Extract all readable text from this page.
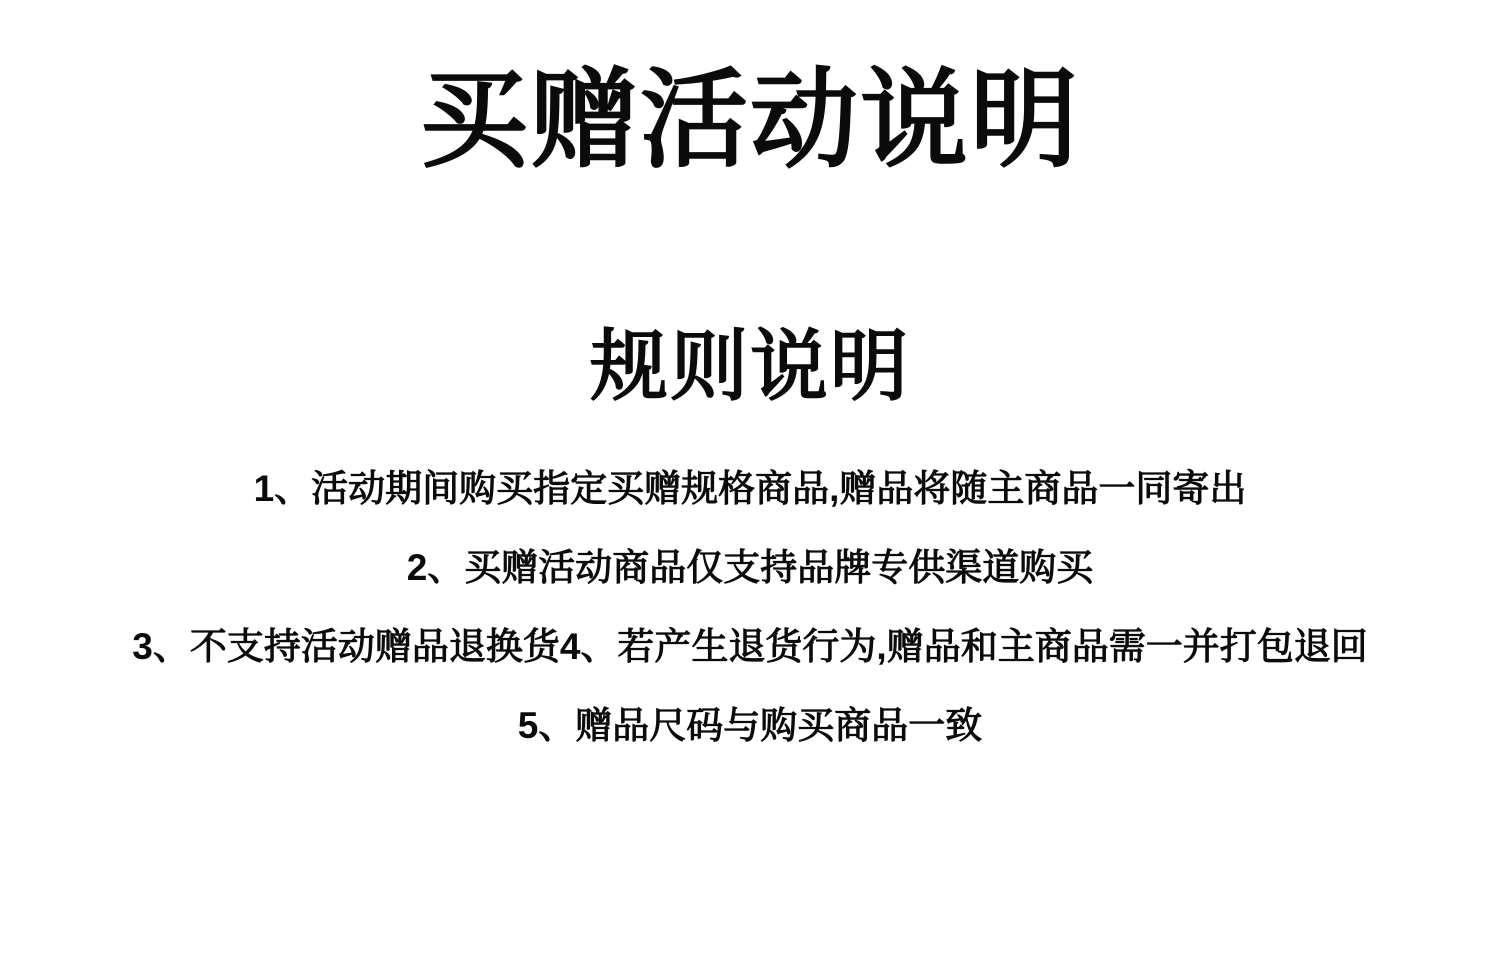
买赠活动说明
规则说明
1、活动期间购买指定买赠规格商品,赠品将随主商品一同寄出
2、买赠活动商品仅支持品牌专供渠道购买
3、不支持活动赠品退换货4、若产生退货行为,赠品和主商品需一并打包退回
5、赠品尺码与购买商品一致
